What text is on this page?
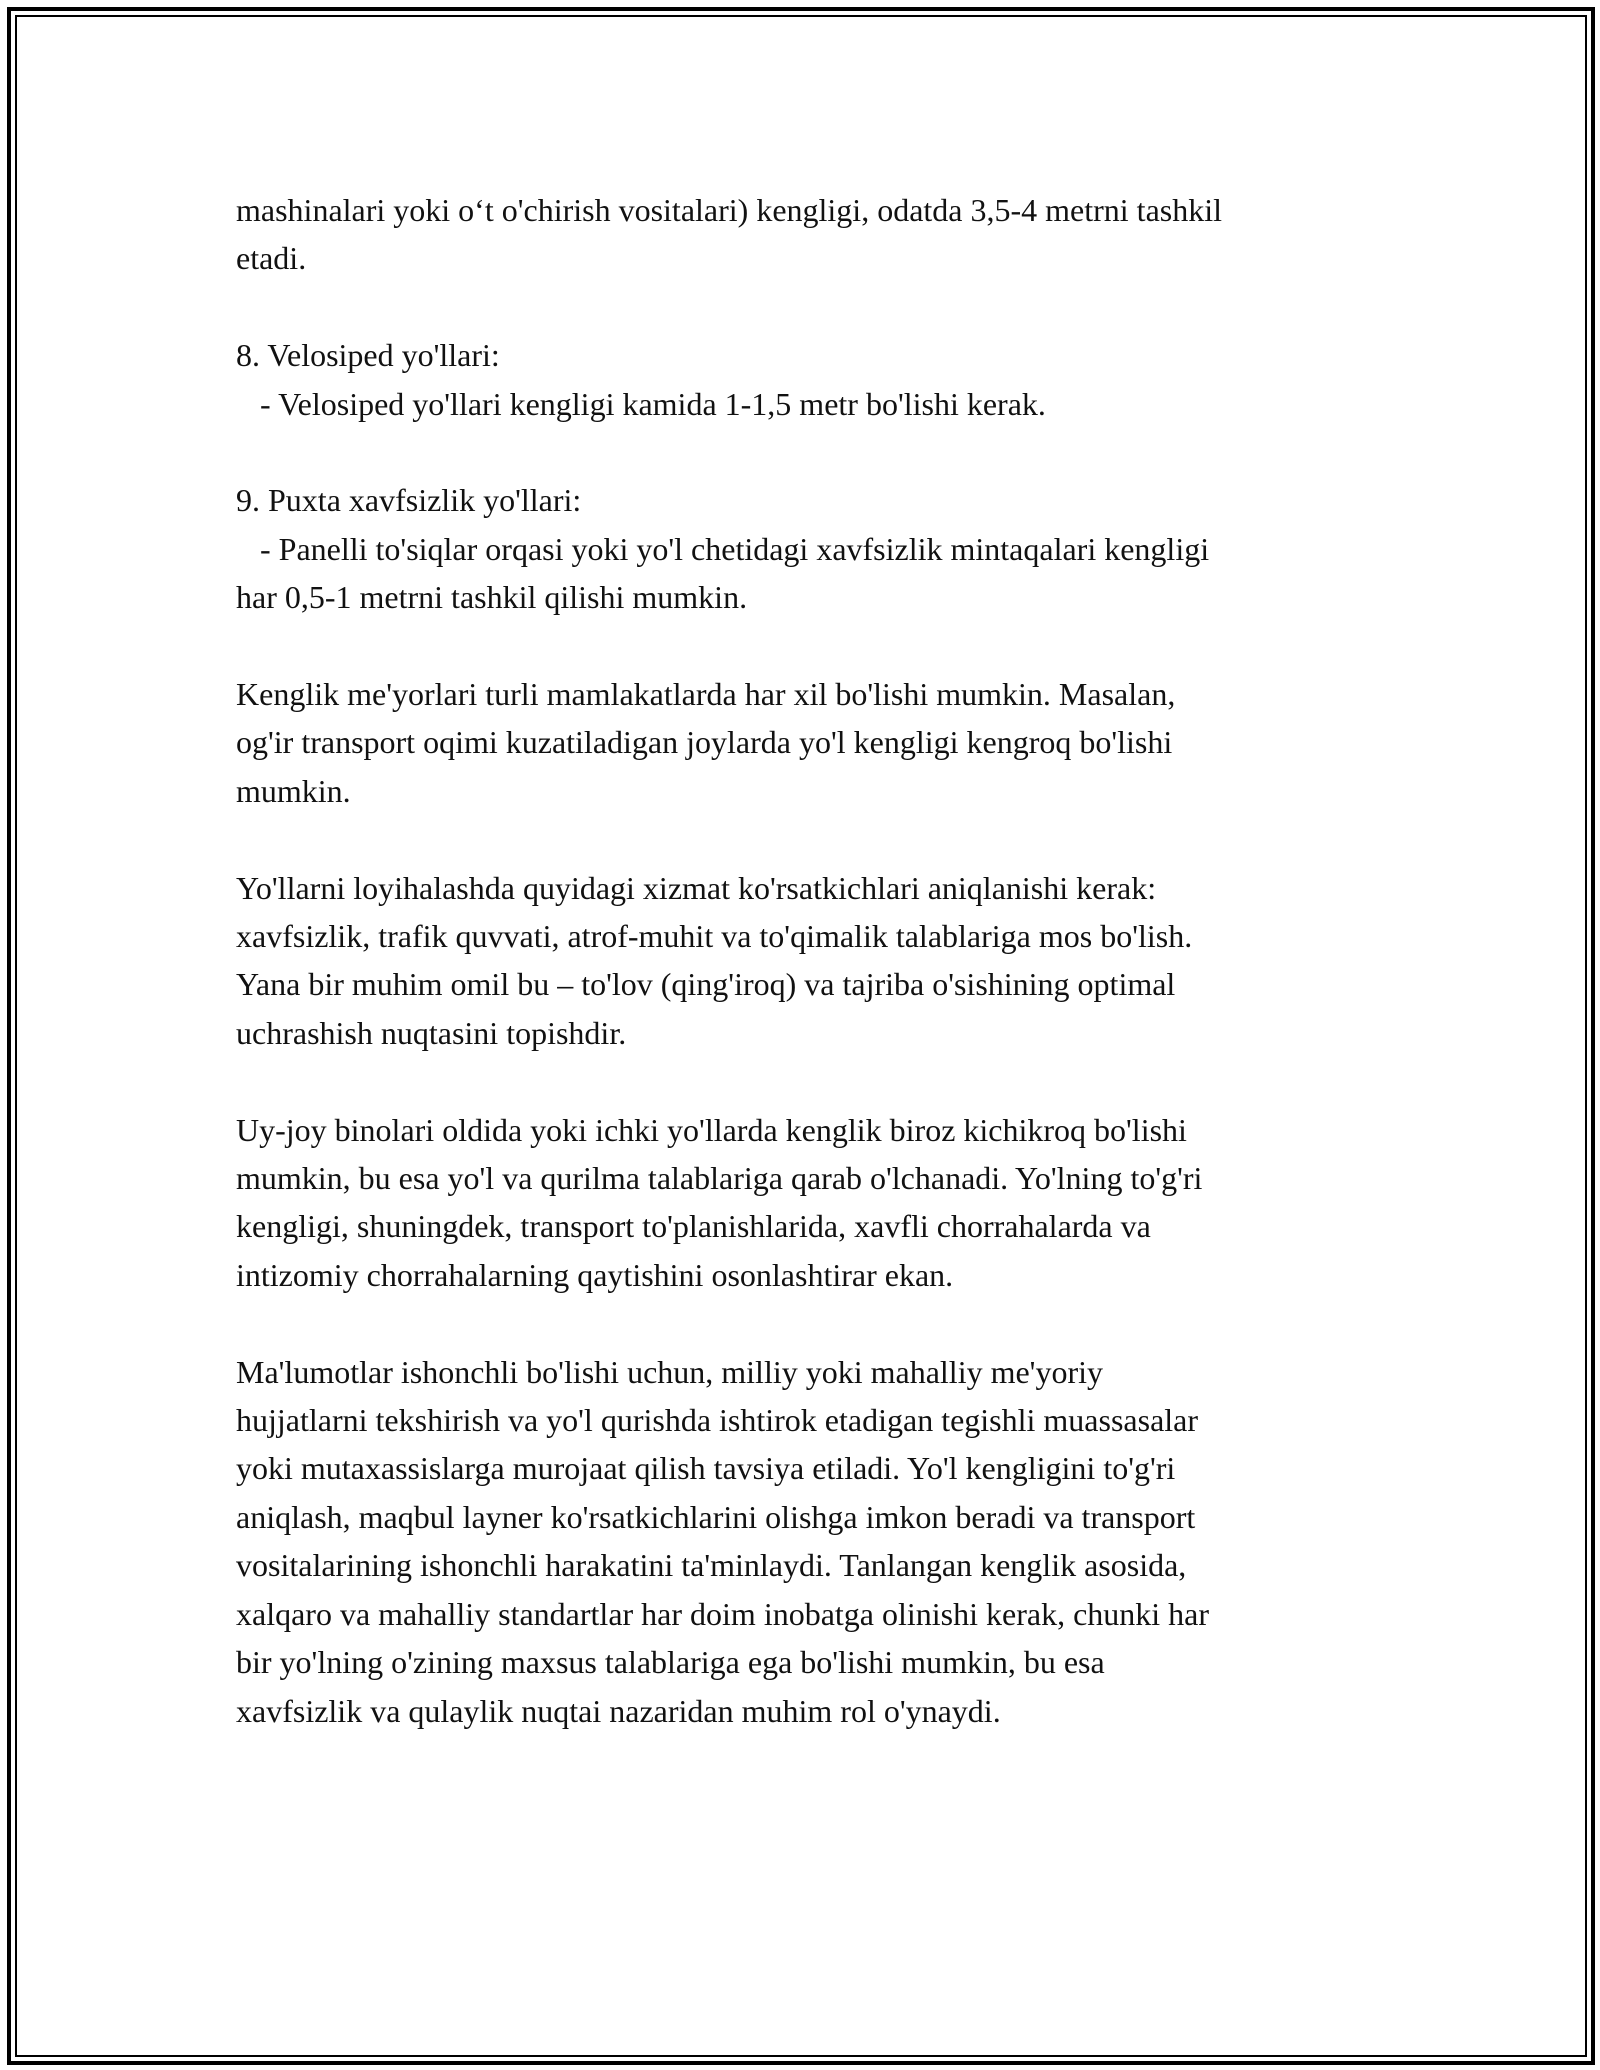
mashinalari yoki o‘t o'chirish vositalari) kengligi, odatda 3,5-4 metrni tashkil
etadi.

8. Velosiped yo'llari:

- Velosiped yo'llari kengligi kamida 1-1,5 metr bo'lishi kerak.

9. Puxta xavfsizlik yo'llari:

- Panelli to'siqlar orqasi yoki yo'l chetidagi xavfsizlik mintaqalari kengligi
har 0,5-1 metrni tashkil qilishi mumkin.

Kenglik me'yorlari turli mamlakatlarda har xil bo'lishi mumkin. Masalan,
og'ir transport oqimi kuzatiladigan joylarda yo'l kengligi kengroq bo'lishi
mumkin.

Yo'llarni loyihalashda quyidagi xizmat ko'rsatkichlari aniqlanishi kerak:
xavfsizlik, trafik quvvati, atrof-muhit va to'qimalik talablariga mos bo'lish.
Yana bir muhim omil bu – to'lov (qing'iroq) va tajriba o'sishining optimal
uchrashish nuqtasini topishdir.

Uy-joy binolari oldida yoki ichki yo'llarda kenglik biroz kichikroq bo'lishi
mumkin, bu esa yo'l va qurilma talablariga qarab o'lchanadi. Yo'lning to'g'ri
kengligi, shuningdek, transport to'planishlarida, xavfli chorrahalarda va
intizomiy chorrahalarning qaytishini osonlashtirar ekan.

Ma'lumotlar ishonchli bo'lishi uchun, milliy yoki mahalliy me'yoriy
hujjatlarni tekshirish va yo'l qurishda ishtirok etadigan tegishli muassasalar
yoki mutaxassislarga murojaat qilish tavsiya etiladi. Yo'l kengligini to'g'ri
aniqlash, maqbul layner ko'rsatkichlarini olishga imkon beradi va transport
vositalarining ishonchli harakatini ta'minlaydi. Tanlangan kenglik asosida,
xalqaro va mahalliy standartlar har doim inobatga olinishi kerak, chunki har
bir yo'lning o'zining maxsus talablariga ega bo'lishi mumkin, bu esa
xavfsizlik va qulaylik nuqtai nazaridan muhim rol o'ynaydi.
